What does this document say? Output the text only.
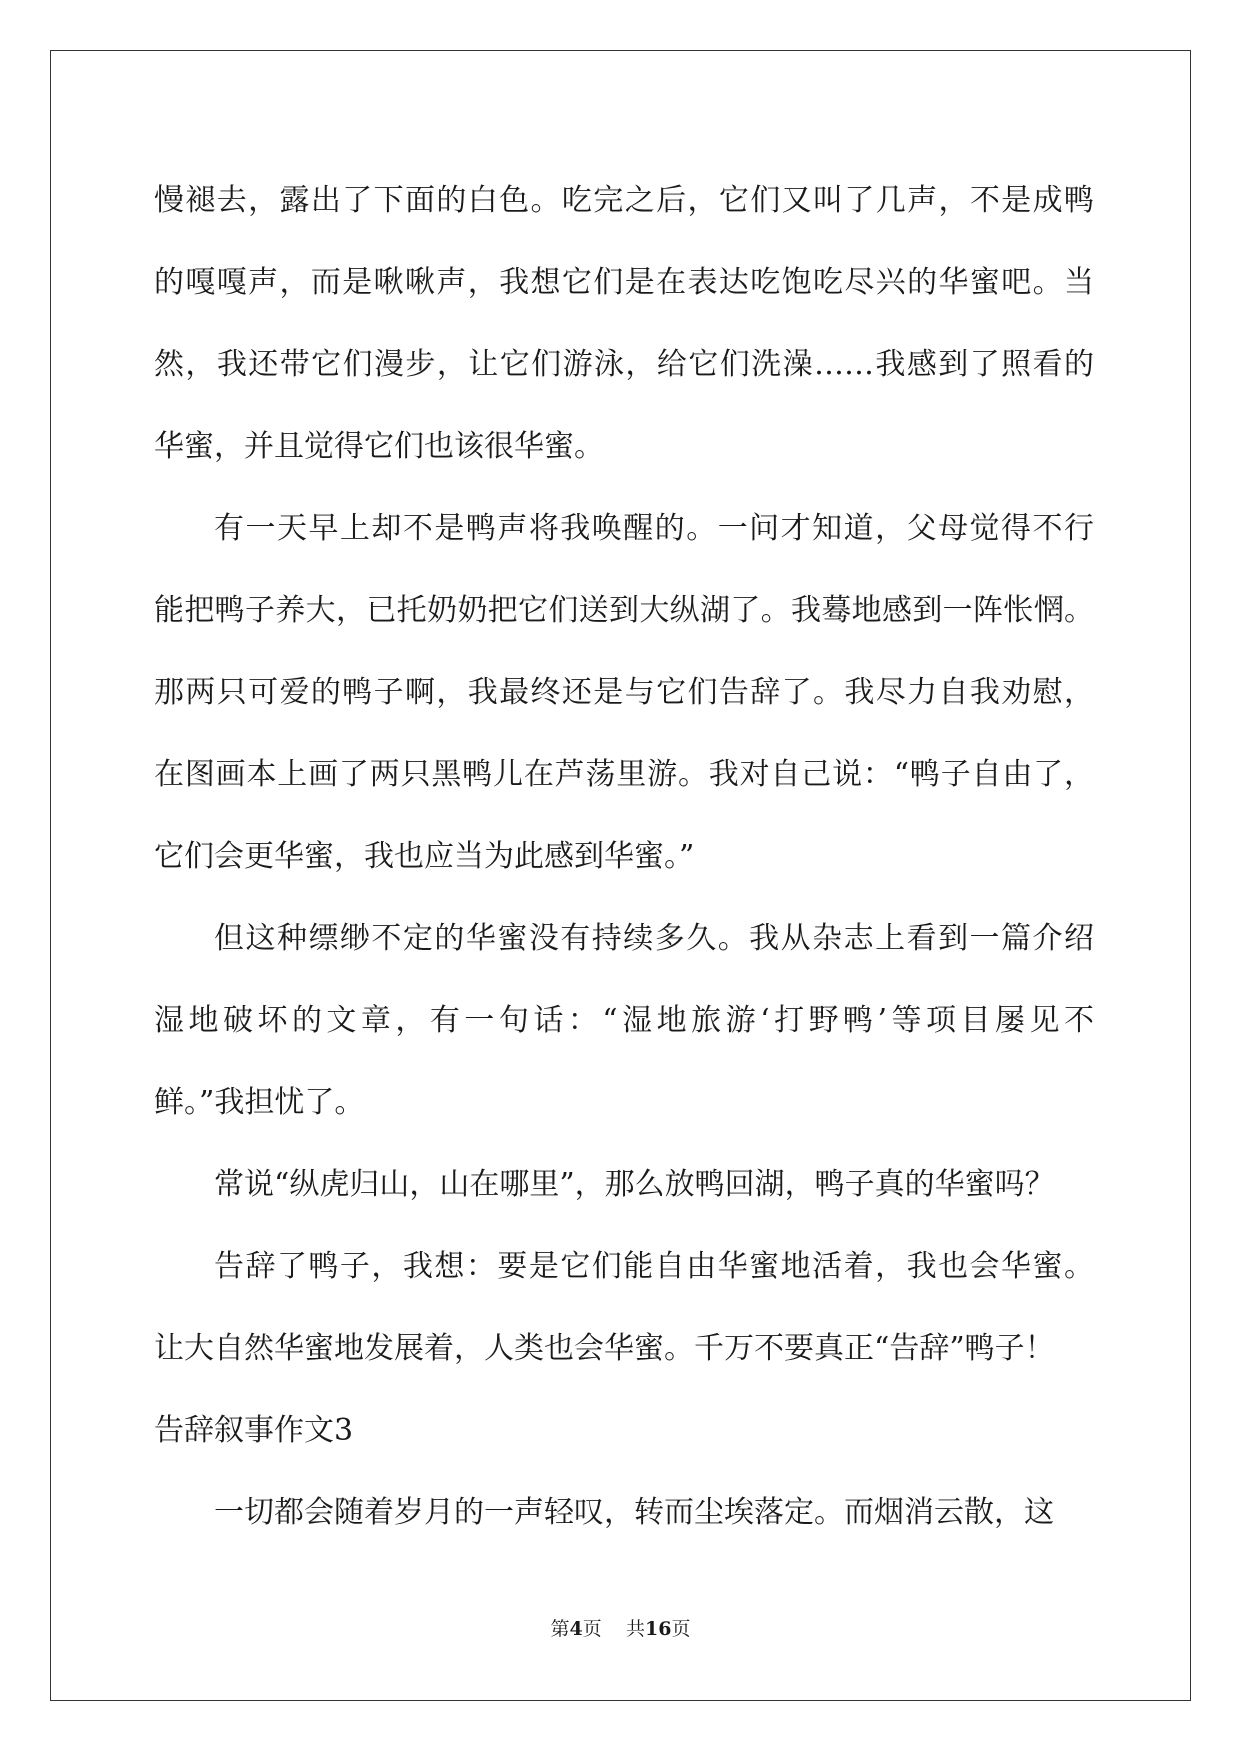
慢褪去，露出了下面的白色。吃完之后，它们又叫了几声，不是成鸭
的嘎嘎声，而是啾啾声，我想它们是在表达吃饱吃尽兴的华蜜吧。当
然，我还带它们漫步，让它们游泳，给它们洗澡……我感到了照看的
华蜜，并且觉得它们也该很华蜜。
有一天早上却不是鸭声将我唤醒的。一问才知道，父母觉得不行
能把鸭子养大，已托奶奶把它们送到大纵湖了。我蓦地感到一阵怅惘。
那两只可爱的鸭子啊，我最终还是与它们告辞了。我尽力自我劝慰，
在图画本上画了两只黑鸭儿在芦荡里游。我对自己说：“鸭子自由了，
它们会更华蜜，我也应当为此感到华蜜。”
但这种缥缈不定的华蜜没有持续多久。我从杂志上看到一篇介绍
湿地破坏的文章，有一句话：“湿地旅游‘打野鸭’等项目屡见不
鲜。”我担忧了。
常说“纵虎归山，山在哪里”，那么放鸭回湖，鸭子真的华蜜吗？
告辞了鸭子，我想：要是它们能自由华蜜地活着，我也会华蜜。
让大自然华蜜地发展着，人类也会华蜜。千万不要真正“告辞”鸭子！
告辞叙事作文3
一切都会随着岁月的一声轻叹，转而尘埃落定。而烟消云散，这
第4页 共16页
